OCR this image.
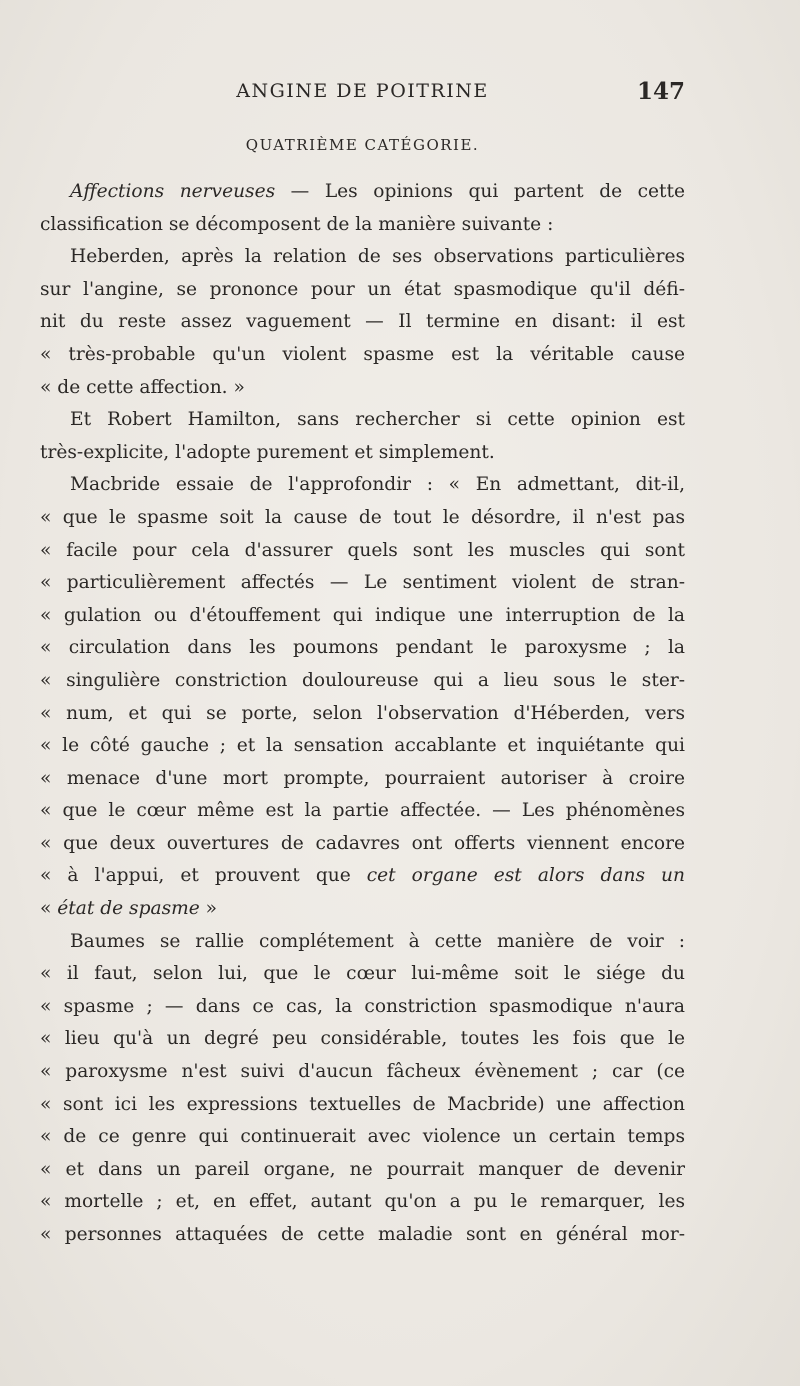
ANGINE DE POITRINE	147
QUATRIÈME CATÉGORIE.
Affections nerveuses — Les opinions qui partent de cette
classification se décomposent de la manière suivante :
Heberden, après la relation de ses observations particulières
sur l'angine, se prononce pour un état spasmodique qu'il défi-
nit du reste assez vaguement — Il termine en disant: il est
« très-probable qu'un violent spasme est la véritable cause
« de cette affection. »
Et Robert Hamilton, sans rechercher si cette opinion est
très-explicite, l'adopte purement et simplement.
Macbride essaie de l'approfondir : « En admettant, dit-il,
« que le spasme soit la cause de tout le désordre, il n'est pas
« facile pour cela d'assurer quels sont les muscles qui sont
« particulièrement affectés — Le sentiment violent de stran-
« gulation ou d'étouffement qui indique une interruption de la
« circulation dans les poumons pendant le paroxysme ; la
« singulière constriction douloureuse qui a lieu sous le ster-
« num, et qui se porte, selon l'observation d'Héberden, vers
« le côté gauche ; et la sensation accablante et inquiétante qui
« menace d'une mort prompte, pourraient autoriser à croire
« que le cœur même est la partie affectée. — Les phénomènes
« que deux ouvertures de cadavres ont offerts viennent encore
« à l'appui, et prouvent que cet organe est alors dans un
« état de spasme »
Baumes se rallie complétement à cette manière de voir :
« il faut, selon lui, que le cœur lui-même soit le siége du
« spasme ; — dans ce cas, la constriction spasmodique n'aura
« lieu qu'à un degré peu considérable, toutes les fois que le
« paroxysme n'est suivi d'aucun fâcheux évènement ; car (ce
« sont ici les expressions textuelles de Macbride) une affection
« de ce genre qui continuerait avec violence un certain temps
« et dans un pareil organe, ne pourrait manquer de devenir
« mortelle ; et, en effet, autant qu'on a pu le remarquer, les
« personnes attaquées de cette maladie sont en général mor-
